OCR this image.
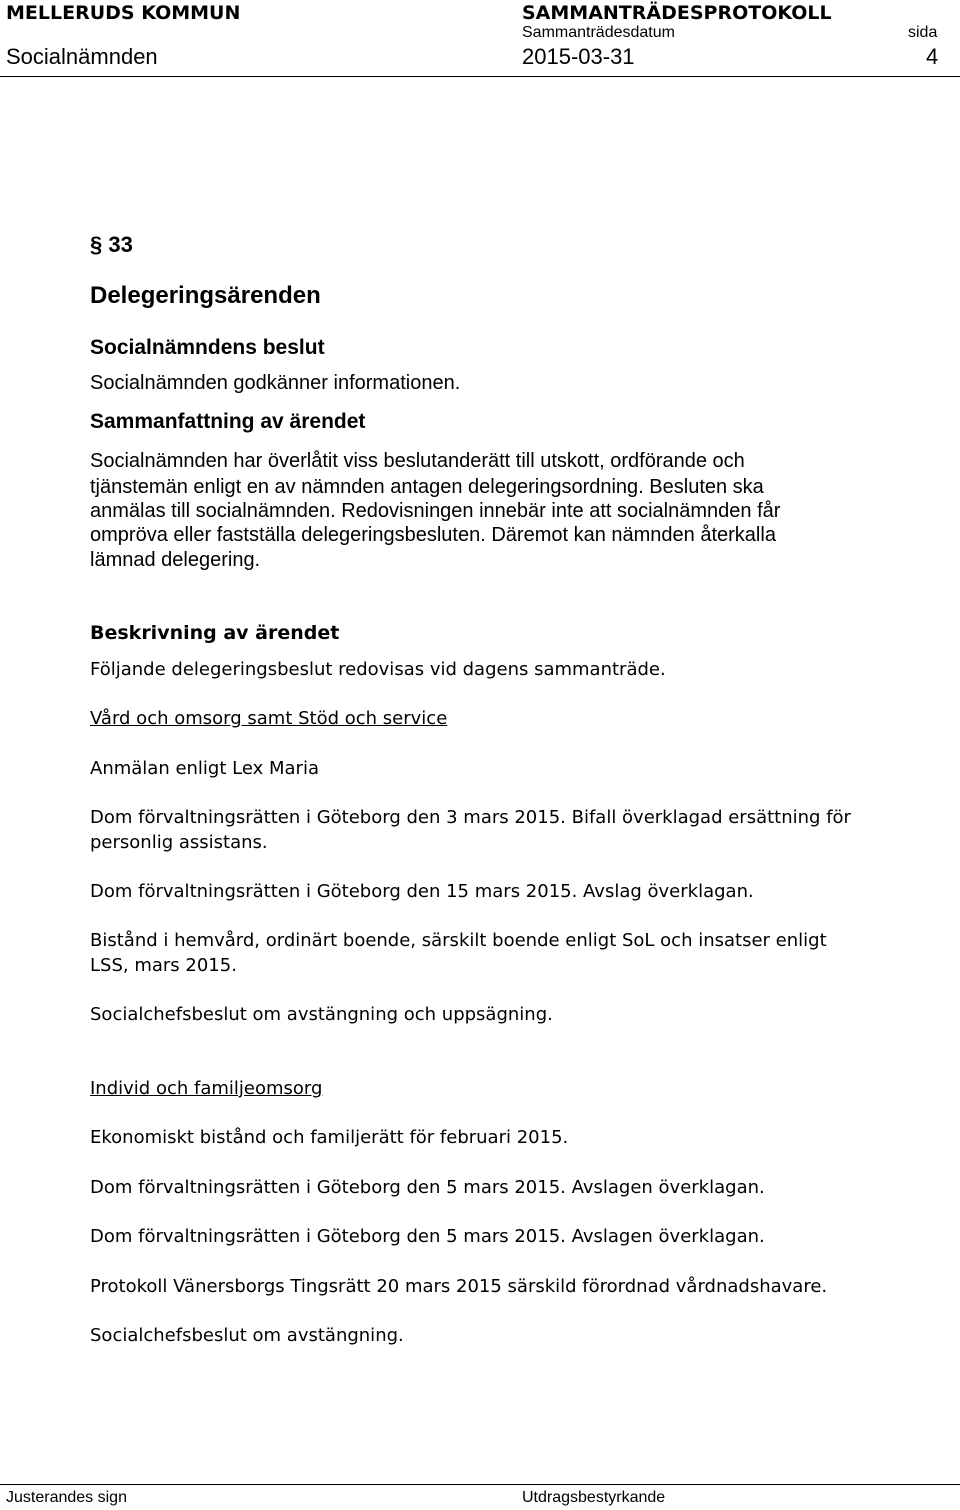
MELLERUDS KOMMUN	SAMMANTRÄDESPROTOKOLL
Sammanträdesdatum	sida
Socialnämnden	2015-03-31	4
§ 33
Delegeringsärenden
Socialnämndens beslut
Socialnämnden godkänner informationen.
Sammanfattning av ärendet
Socialnämnden har överlåtit viss beslutanderätt till utskott, ordförande och
tjänstemän enligt en av nämnden antagen delegeringsordning. Besluten ska
anmälas till socialnämnden. Redovisningen innebär inte att socialnämnden får
ompröva eller fastställa delegeringsbesluten. Däremot kan nämnden återkalla
lämnad delegering.
Beskrivning av ärendet
Följande delegeringsbeslut redovisas vid dagens sammanträde.
Vård och omsorg samt Stöd och service
Anmälan enligt Lex Maria
Dom förvaltningsrätten i Göteborg den 3 mars 2015. Bifall överklagad ersättning för
personlig assistans.
Dom förvaltningsrätten i Göteborg den 15 mars 2015. Avslag överklagan.
Bistånd i hemvård, ordinärt boende, särskilt boende enligt SoL och insatser enligt
LSS, mars 2015.
Socialchefsbeslut om avstängning och uppsägning.
Individ och familjeomsorg
Ekonomiskt bistånd och familjerätt för februari 2015.
Dom förvaltningsrätten i Göteborg den 5 mars 2015. Avslagen överklagan.
Dom förvaltningsrätten i Göteborg den 5 mars 2015. Avslagen överklagan.
Protokoll Vänersborgs Tingsrätt 20 mars 2015 särskild förordnad vårdnadshavare.
Socialchefsbeslut om avstängning.
Justerandes sign	Utdragsbestyrkande
